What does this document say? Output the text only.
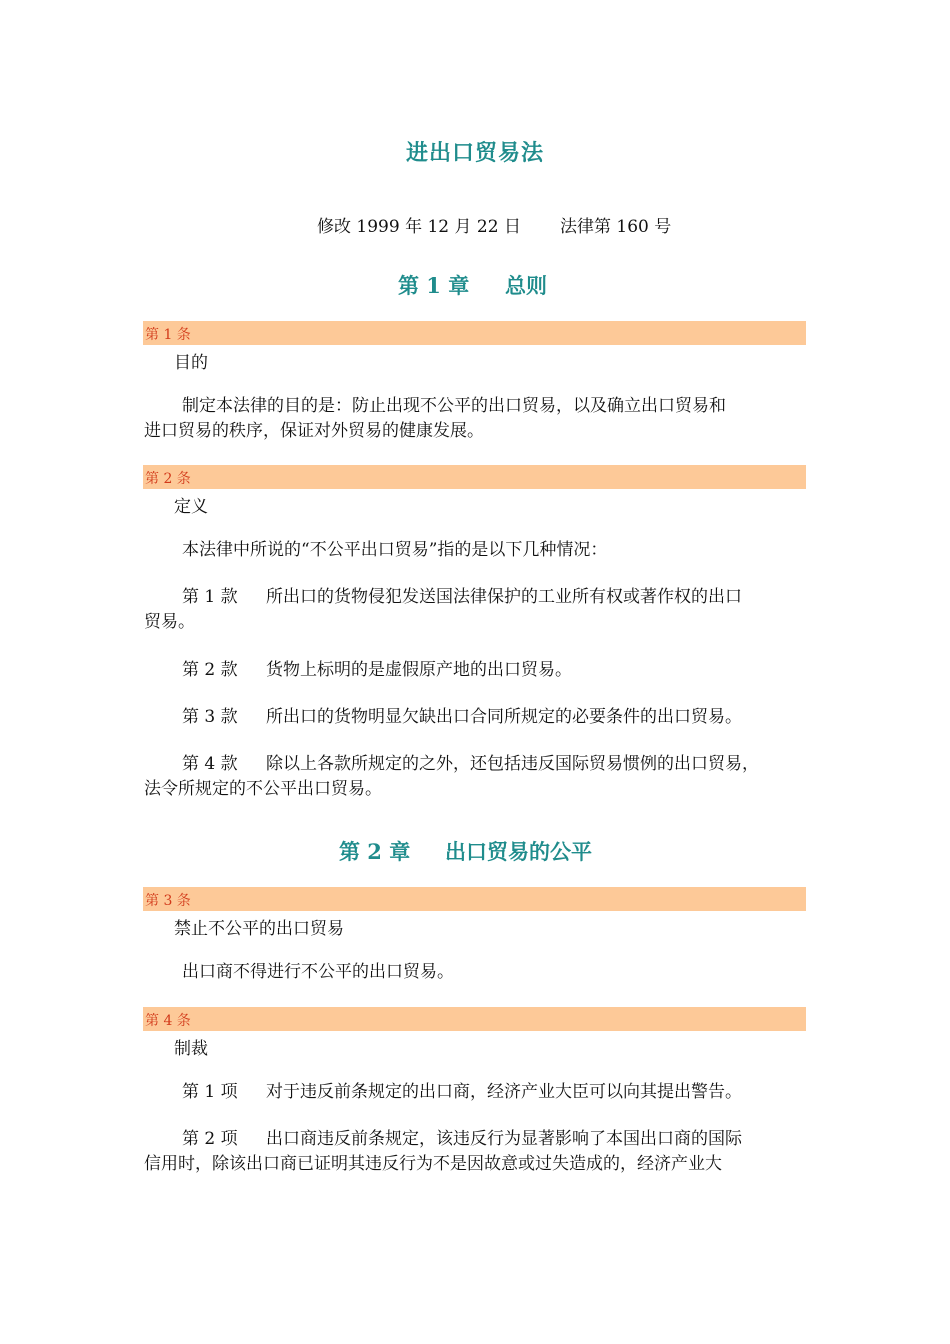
进出口贸易法
修改 1999 年 12 月 22 日 法律第 160 号
第 1 章 总则
第 1 条
目的
制定本法律的目的是：防止出现不公平的出口贸易，以及确立出口贸易和
进口贸易的秩序，保证对外贸易的健康发展。
第 2 条
定义
本法律中所说的“不公平出口贸易”指的是以下几种情况：
第 1 款 所出口的货物侵犯发送国法律保护的工业所有权或著作权的出口
贸易。
第 2 款 货物上标明的是虚假原产地的出口贸易。
第 3 款 所出口的货物明显欠缺出口合同所规定的必要条件的出口贸易。
第 4 款 除以上各款所规定的之外，还包括违反国际贸易惯例的出口贸易，
法令所规定的不公平出口贸易。
第 2 章 出口贸易的公平
第 3 条
禁止不公平的出口贸易
出口商不得进行不公平的出口贸易。
第 4 条
制裁
第 1 项 对于违反前条规定的出口商，经济产业大臣可以向其提出警告。
第 2 项 出口商违反前条规定，该违反行为显著影响了本国出口商的国际
信用时，除该出口商已证明其违反行为不是因故意或过失造成的，经济产业大
